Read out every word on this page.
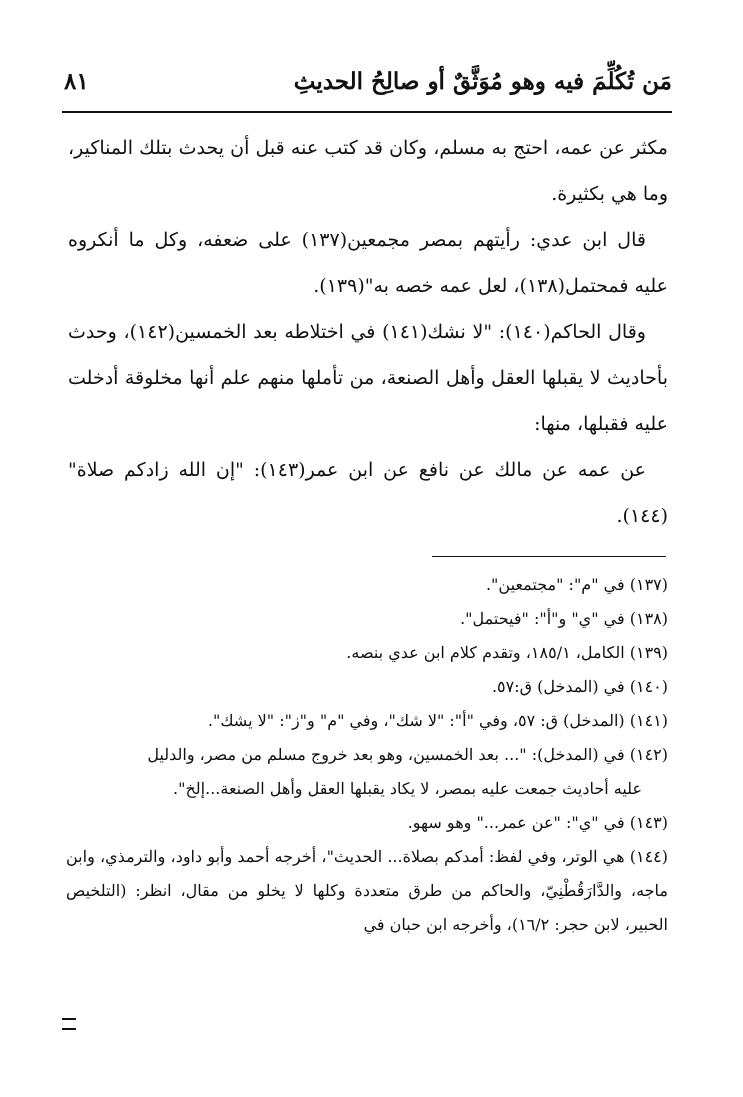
مَن تُكُلِّمَ فيه وهو مُوَثَّقٌ أو صالِحُ الحديثِ
٨١

مكثر عن عمه، احتج به مسلم، وكان قد كتب عنه قبل أن يحدث بتلك المناكير، وما هي بكثيرة.

قال ابن عدي: رأيتهم بمصر مجمعين(١٣٧) على ضعفه، وكل ما أنكروه عليه فمحتمل(١٣٨)، لعل عمه خصه به"(١٣٩).

وقال الحاكم(١٤٠): "لا نشك(١٤١) في اختلاطه بعد الخمسين(١٤٢)، وحدث بأحاديث لا يقبلها العقل وأهل الصنعة، من تأملها منهم علم أنها مخلوقة أدخلت عليه فقبلها، منها:

عن عمه عن مالك عن نافع عن ابن عمر(١٤٣): "إن الله زادكم صلاة"(١٤٤).

(١٣٧) في "م": "مجتمعين".

(١٣٨) في "ي" و"أ": "فيحتمل".

(١٣٩) الكامل، ١٨٥/١، وتقدم كلام ابن عدي بنصه.

(١٤٠) في (المدخل) ق:٥٧.

(١٤١) (المدخل) ق: ٥٧، وفي "أ": "لا شك"، وفي "م" و"ز": "لا يشك".

(١٤٢) في (المدخل): "... بعد الخمسين، وهو بعد خروج مسلم من مصر، والدليل

عليه أحاديث جمعت عليه بمصر، لا يكاد يقبلها العقل وأهل الصنعة...إلخ".

(١٤٣) في "ي": "عن عمر..." وهو سهو.

(١٤٤) هي الوتر، وفي لفظ: أمدكم بصلاة... الحديث"، أخرجه أحمد وأبو داود، والترمذي، وابن ماجه، والدَّارَقُطْنِيّ، والحاكم من طرق متعددة وكلها لا يخلو من مقال، انظر: (التلخيص الحبير، لابن حجر: ١٦/٢)، وأخرجه ابن حبان في
